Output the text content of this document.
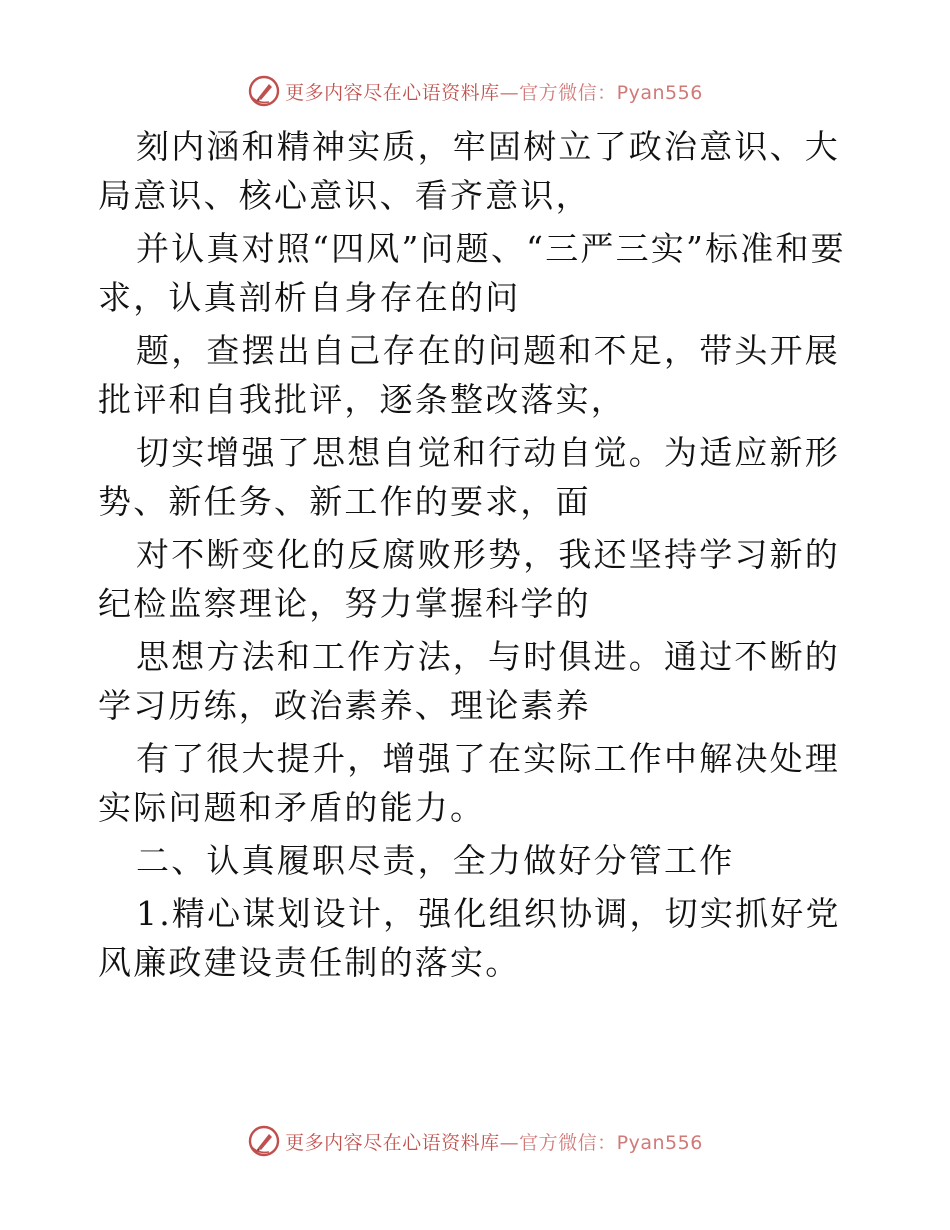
更多内容尽在心语资料库—官方微信：Pyan556

刻内涵和精神实质，牢固树立了政治意识、大局意识、核心意识、看齐意识，

并认真对照“四风”问题、“三严三实”标准和要求，认真剖析自身存在的问

题，查摆出自己存在的问题和不足，带头开展批评和自我批评，逐条整改落实，

切实增强了思想自觉和行动自觉。为适应新形势、新任务、新工作的要求，面

对不断变化的反腐败形势，我还坚持学习新的纪检监察理论，努力掌握科学的

思想方法和工作方法，与时俱进。通过不断的学习历练，政治素养、理论素养

有了很大提升，增强了在实际工作中解决处理实际问题和矛盾的能力。

二、认真履职尽责，全力做好分管工作

1.精心谋划设计，强化组织协调，切实抓好党风廉政建设责任制的落实。

更多内容尽在心语资料库—官方微信：Pyan556
